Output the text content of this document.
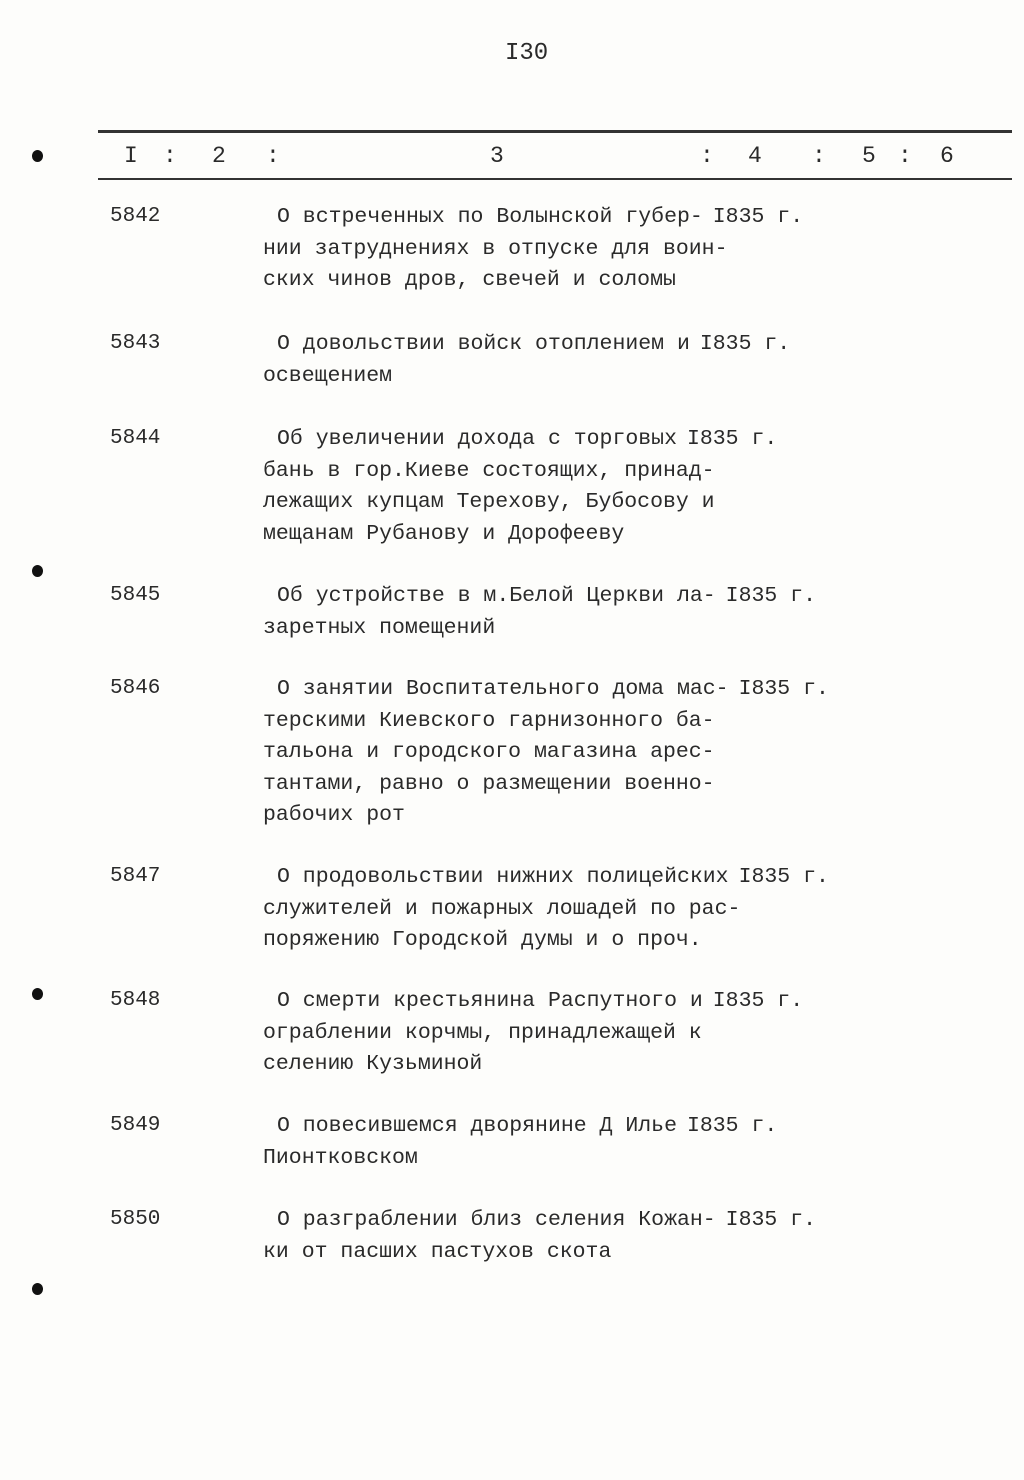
I30
I : 2 :	3	: 4 : 5 : 6
5842	О встреченных по Волынской губер- I835 г.
нии затруднениях в отпуске для воин-
ских чинов дров, свечей и соломы
5843	О довольствии войск отоплением и I835 г.
освещением
5844	Об увеличении дохода с торговых I835 г.
бань в гор.Киеве состоящих, принад-
лежащих купцам Терехову, Бубосову и
мещанам Рубанову и Дорофееву
5845	Об устройстве в м.Белой Церкви ла- I835 г.
заретных помещений
5846	О занятии Воспитательного дома мас- I835 г.
терскими Киевского гарнизонного ба-
тальона и городского магазина арес-
тантами, равно о размещении военно-
рабочих рот
5847	О продовольствии нижних полицейских I835 г.
служителей и пожарных лошадей по рас-
поряжению Городской думы и о проч.
5848	О смерти крестьянина Распутного и I835 г.
ограблении корчмы, принадлежащей к
селению Кузьминой
5849	О повесившемся дворянине Д Илье I835 г.
Пионтковском
5850	О разграблении близ селения Кожан- I835 г.
ки от пасших пастухов скота
